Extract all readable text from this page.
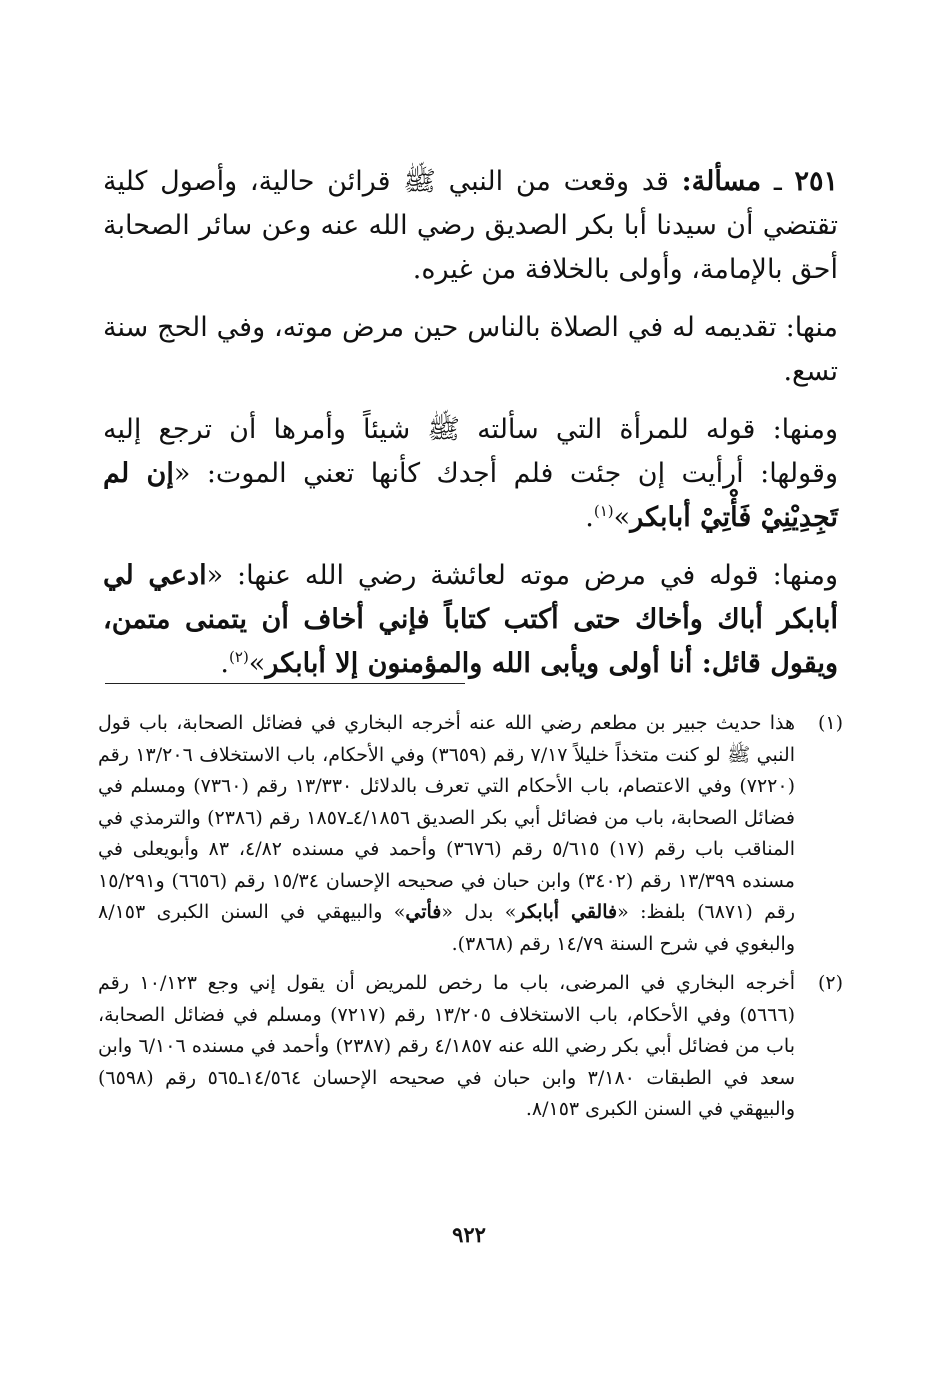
٢٥١ ـ مسألة: قد وقعت من النبي ﷺ قرائن حالية، وأصول كلية تقتضي أن سيدنا أبا بكر الصديق رضي الله عنه وعن سائر الصحابة أحق بالإمامة، وأولى بالخلافة من غيره.

منها: تقديمه له في الصلاة بالناس حين مرض موته، وفي الحج سنة تسع.

ومنها: قوله للمرأة التي سألته ﷺ شيئاً وأمرها أن ترجع إليه وقولها: أرأيت إن جئت فلم أجدك كأنها تعني الموت: «إن لم تَجِدِيْنِيْ فَأْتِيْ أبابكر»$^{(١)}$.

ومنها: قوله في مرض موته لعائشة رضي الله عنها: «ادعي لي أبابكر أباك وأخاك حتى أكتب كتاباً فإني أخاف أن يتمنى متمن، ويقول قائل: أنا أولى ويأبى الله والمؤمنون إلا أبابكر»$^{(٢)}$.

(١)
هذا حديث جبير بن مطعم رضي الله عنه أخرجه البخاري في فضائل الصحابة، باب قول النبي ﷺ لو كنت متخذاً خليلاً ٧/١٧ رقم (٣٦٥٩) وفي الأحكام، باب الاستخلاف ١٣/٢٠٦ رقم (٧٢٢٠) وفي الاعتصام، باب الأحكام التي تعرف بالدلائل ١٣/٣٣٠ رقم (٧٣٦٠) ومسلم في فضائل الصحابة، باب من فضائل أبي بكر الصديق ٤/١٨٥٦ـ١٨٥٧ رقم (٢٣٨٦) والترمذي في المناقب باب رقم (١٧) ٥/٦١٥ رقم (٣٦٧٦) وأحمد في مسنده ٤/٨٢، ٨٣ وأبويعلى في مسنده ١٣/٣٩٩ رقم (٣٤٠٢) وابن حبان في صحيحه الإحسان ١٥/٣٤ رقم (٦٦٥٦) و١٥/٢٩١ رقم (٦٨٧١) بلفظ: «فالقي أبابكر» بدل «فأتي» والبيهقي في السنن الكبرى ٨/١٥٣ والبغوي في شرح السنة ١٤/٧٩ رقم (٣٨٦٨).

(٢)
أخرجه البخاري في المرضى، باب ما رخص للمريض أن يقول إني وجع ١٠/١٢٣ رقم (٥٦٦٦) وفي الأحكام، باب الاستخلاف ١٣/٢٠٥ رقم (٧٢١٧) ومسلم في فضائل الصحابة، باب من فضائل أبي بكر رضي الله عنه ٤/١٨٥٧ رقم (٢٣٨٧) وأحمد في مسنده ٦/١٠٦ وابن سعد في الطبقات ٣/١٨٠ وابن حبان في صحيحه الإحسان ١٤/٥٦٤ـ٥٦٥ رقم (٦٥٩٨) والبيهقي في السنن الكبرى ٨/١٥٣.

٩٢٢
